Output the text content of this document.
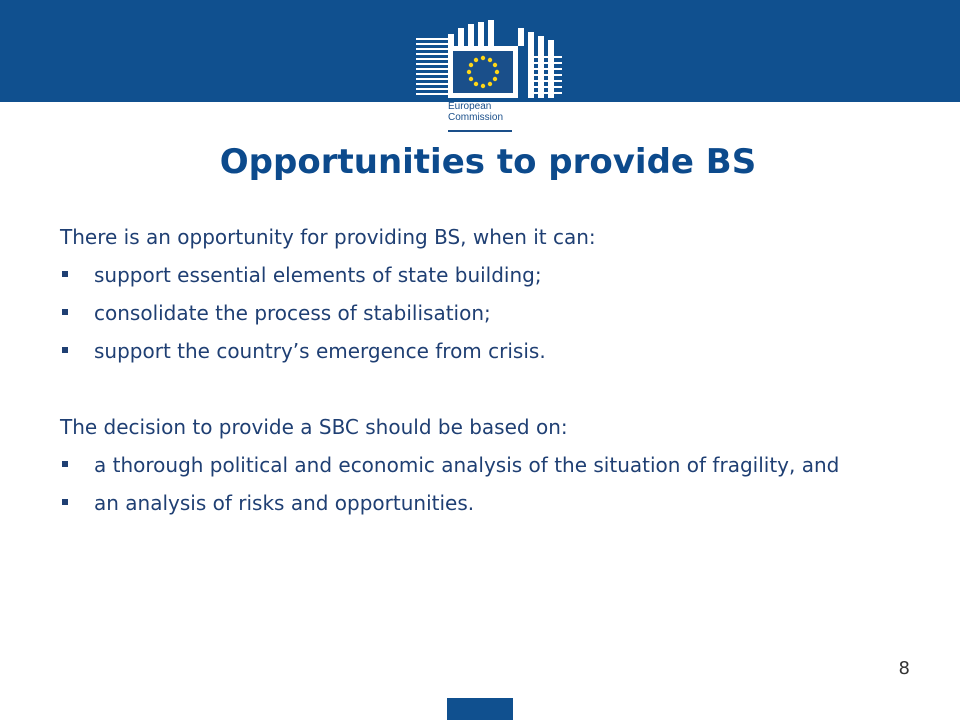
European
Commission
Opportunities to provide BS

There is an opportunity for providing BS, when it can:

support essential elements of state building;
consolidate the process of stabilisation;
support the country’s emergence from crisis.

The decision to provide a SBC should be based on:

a thorough political and economic analysis of the situation of fragility, and
an analysis of risks and opportunities.
8
